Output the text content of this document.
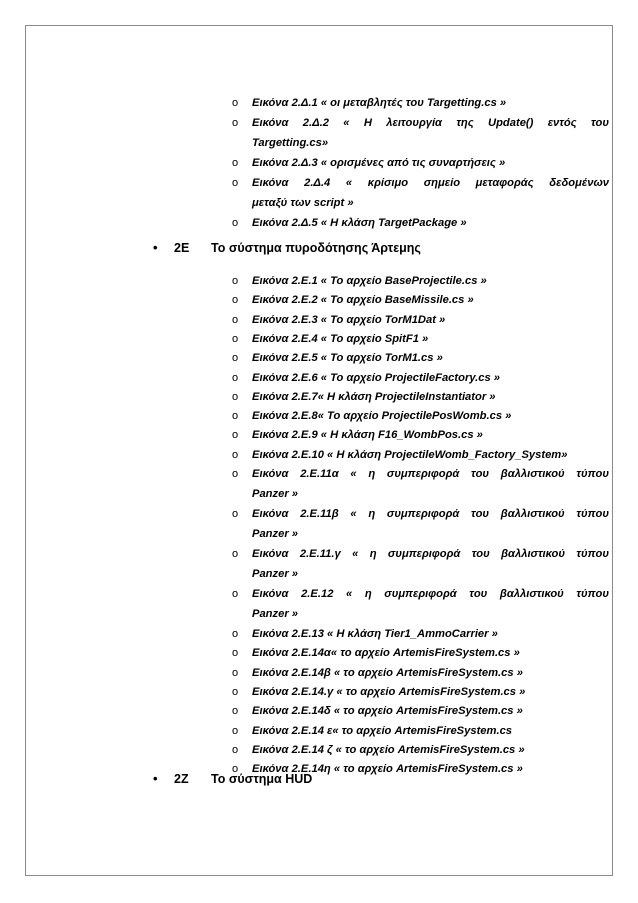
o Εικόνα 2.Δ.1 « οι μεταβλητές του Targetting.cs »
o Εικόνα 2.Δ.2 « Η λειτουργία της Update() εντός του
Targetting.cs»
o Εικόνα 2.Δ.3 « ορισμένες από τις συναρτήσεις »
o Εικόνα 2.Δ.4 « κρίσιμο σημείο μεταφοράς δεδομένων
μεταξύ των script »
o Εικόνα 2.Δ.5 « Η κλάση TargetPackage »
• 2Ε Το σύστημα πυροδότησης Άρτεμης
o Εικόνα 2.Ε.1 « Το αρχείο BaseProjectile.cs »
o Εικόνα 2.Ε.2 « Το αρχείο BaseMissile.cs »
o Εικόνα 2.Ε.3 « Το αρχείο TorM1Dat »
o Εικόνα 2.Ε.4 « Το αρχείο SpitF1 »
o Εικόνα 2.Ε.5 « Το αρχείο TorM1.cs »
o Εικόνα 2.Ε.6 « Το αρχείο ProjectileFactory.cs »
o Εικόνα 2.Ε.7« Η κλάση ProjectileInstantiator »
o Εικόνα 2.Ε.8« Το αρχείο ProjectilePosWomb.cs »
o Εικόνα 2.Ε.9 « Η κλάση F16_WombPos.cs »
o Εικόνα 2.Ε.10 « Η κλάση ProjectileWomb_Factory_System»
o Εικόνα 2.Ε.11α « η συμπεριφορά του βαλλιστικού τύπου
Panzer »
o Εικόνα 2.Ε.11β « η συμπεριφορά του βαλλιστικού τύπου
Panzer »
o Εικόνα 2.Ε.11.γ « η συμπεριφορά του βαλλιστικού τύπου
Panzer »
o Εικόνα 2.Ε.12 « η συμπεριφορά του βαλλιστικού τύπου
Panzer »
o Εικόνα 2.Ε.13 « Η κλάση Tier1_AmmoCarrier »
o Εικόνα 2.Ε.14α« το αρχείο ArtemisFireSystem.cs »
o Εικόνα 2.Ε.14β « το αρχείο ArtemisFireSystem.cs »
o Εικόνα 2.Ε.14.γ « το αρχείο ArtemisFireSystem.cs »
o Εικόνα 2.Ε.14δ « το αρχείο ArtemisFireSystem.cs »
o Εικόνα 2.Ε.14 ε« το αρχείο ArtemisFireSystem.cs
o Εικόνα 2.Ε.14 ζ « το αρχείο ArtemisFireSystem.cs »
o Εικόνα 2.Ε.14η « το αρχείο ArtemisFireSystem.cs »
• 2Ζ Το σύστημα HUD
